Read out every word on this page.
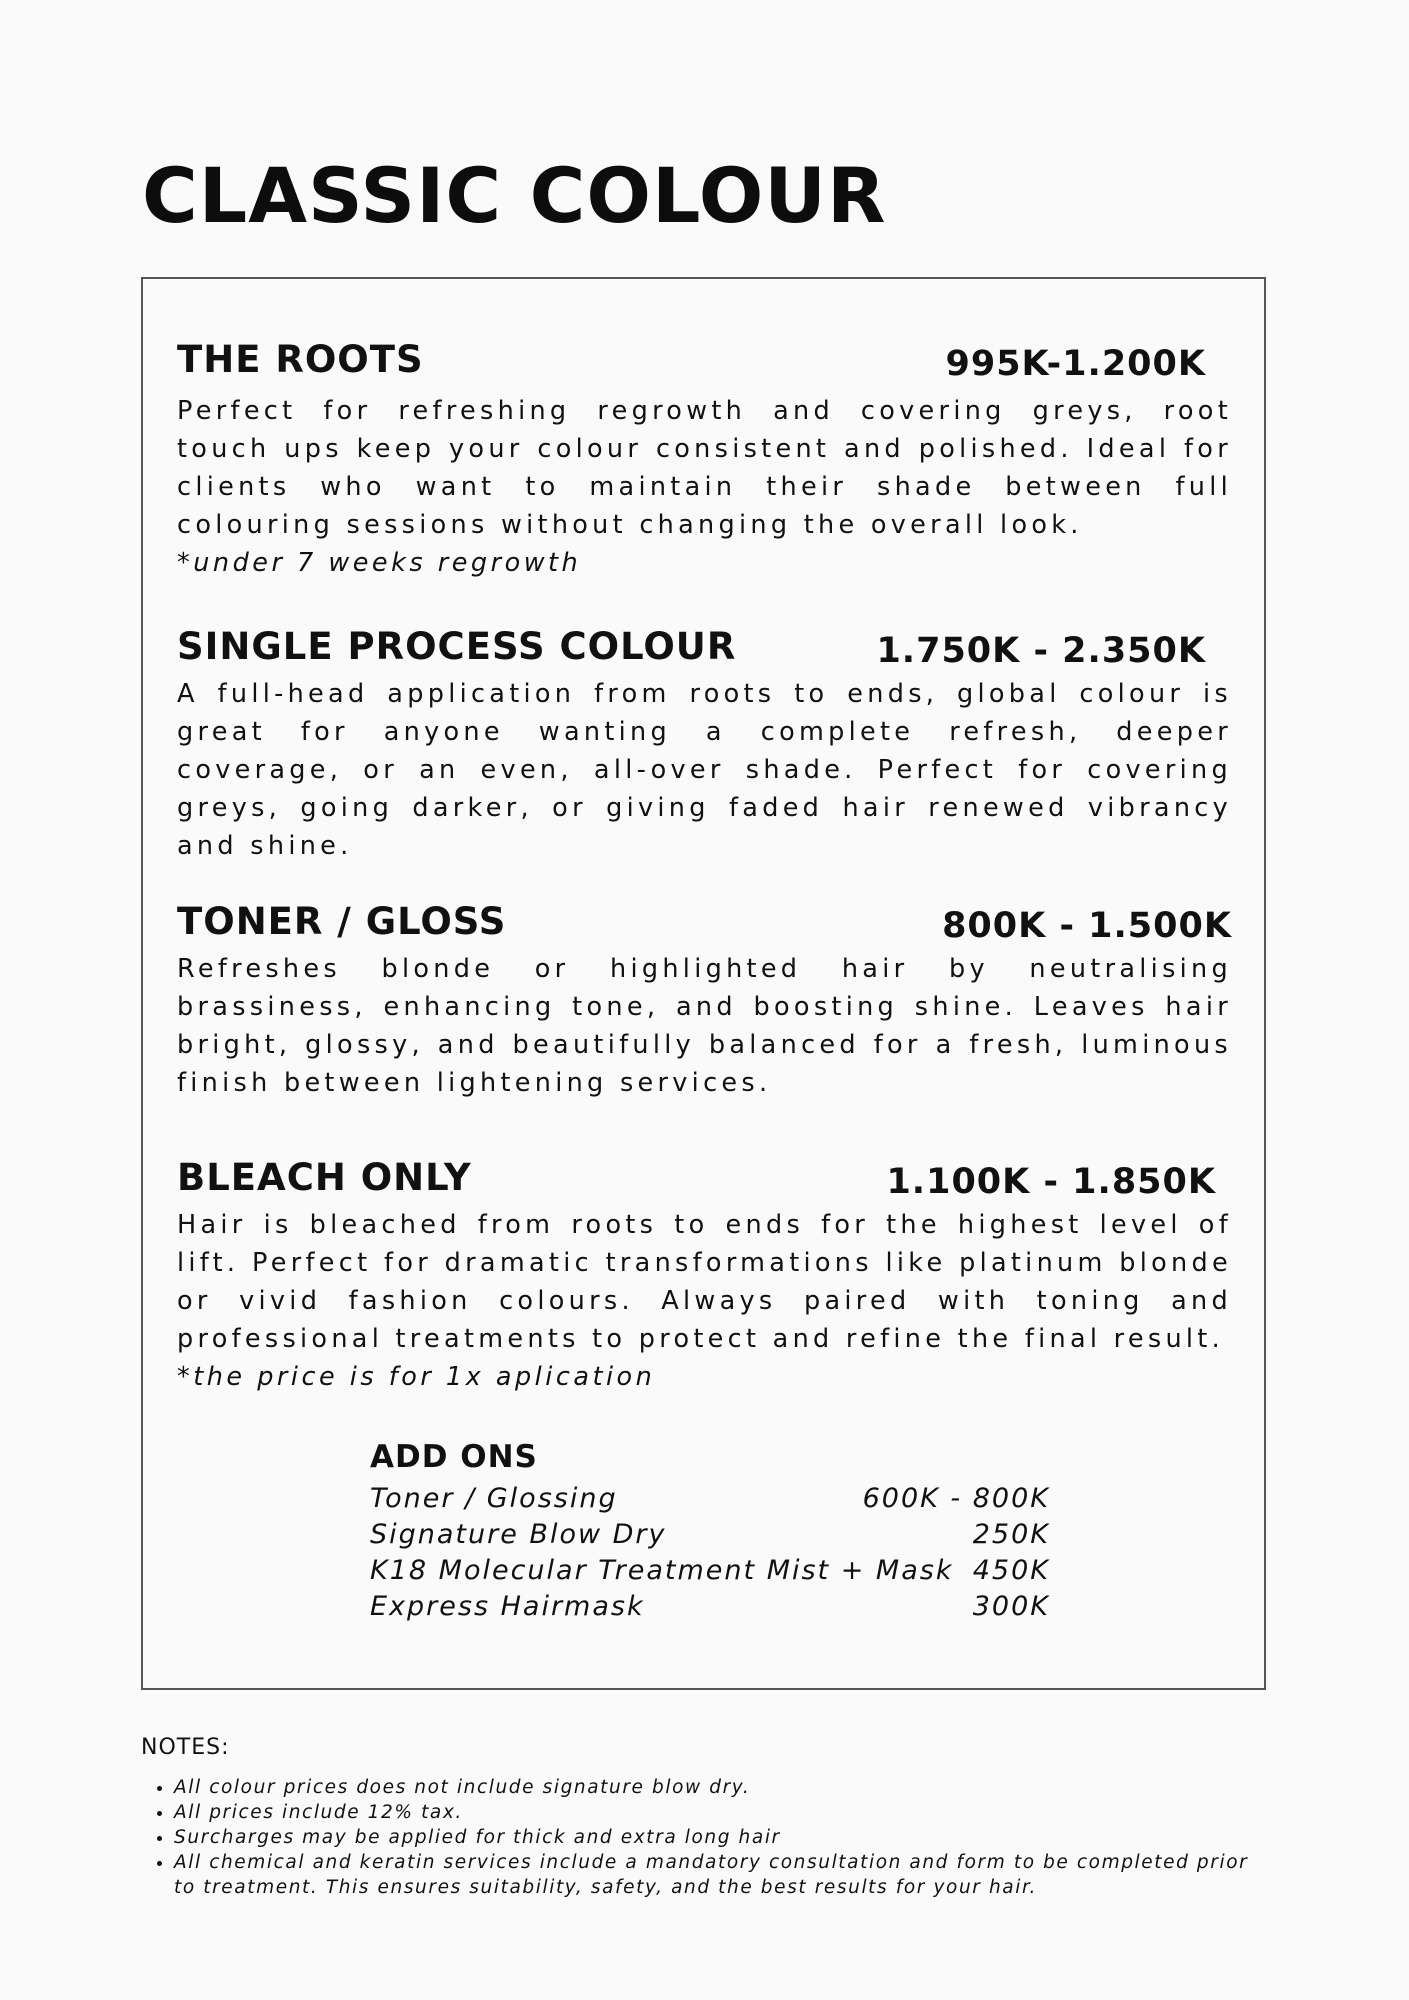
CLASSIC COLOUR
THE ROOTS	995K-1.200K

Perfect for refreshing regrowth and covering greys, root touch ups keep your colour consistent and polished. Ideal for clients who want to maintain their shade between full colouring sessions without changing the overall look.

*under 7 weeks regrowth
SINGLE PROCESS COLOUR	1.750K - 2.350K

A full-head application from roots to ends, global colour is great for anyone wanting a complete refresh, deeper coverage, or an even, all-over shade. Perfect for covering greys, going darker, or giving faded hair renewed vibrancy and shine.

TONER / GLOSS	800K - 1.500K

Refreshes blonde or highlighted hair by neutralising brassiness, enhancing tone, and boosting shine. Leaves hair bright, glossy, and beautifully balanced for a fresh, luminous finish between lightening services.

BLEACH ONLY	1.100K - 1.850K

Hair is bleached from roots to ends for the highest level of lift. Perfect for dramatic transformations like platinum blonde or vivid fashion colours. Always paired with toning and professional treatments to protect and refine the final result.

*the price is for 1x aplication
ADD ONS
Toner / Glossing	600K - 800K
Signature Blow Dry	250K
K18 Molecular Treatment Mist + Mask 450K
Express Hairmask	300K
NOTES:
• All colour prices does not include signature blow dry.
• All prices include 12% tax.
• Surcharges may be applied for thick and extra long hair
• All chemical and keratin services include a mandatory consultation and form to be completed prior to treatment. This ensures suitability, safety, and the best results for your hair.
